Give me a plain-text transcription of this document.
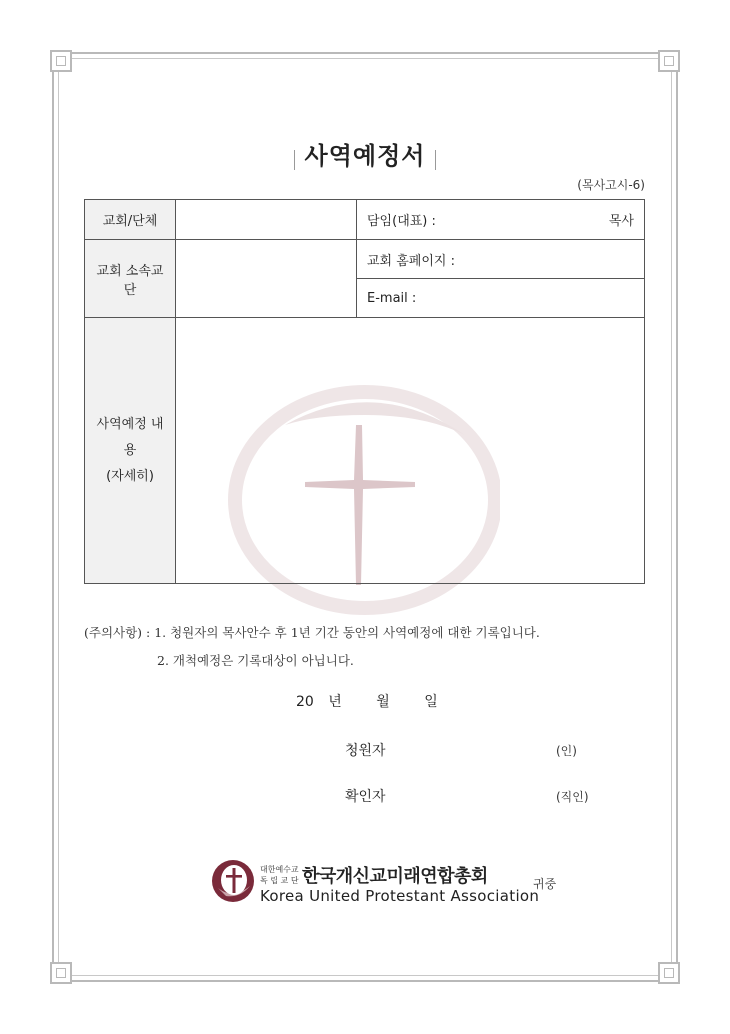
사역예정서
(목사고시-6)
교회/단체		담임(대표) : 목사

교회 소속교단		교회 홈페이지 :
		E-mail :

사역예정 내용
(자세히)		

(주의사항) : 1. 청원자의 목사안수 후 1년 기간 동안의 사역예정에 대한 기록입니다.
2. 개척예정은 기록대상이 아닙니다.
20 년 월 일
청원자	(인)
확인자	(직인)
대한예수교
독 립 교 단 한국개신교미래연합총회
Korea United Protestant Association
귀중
